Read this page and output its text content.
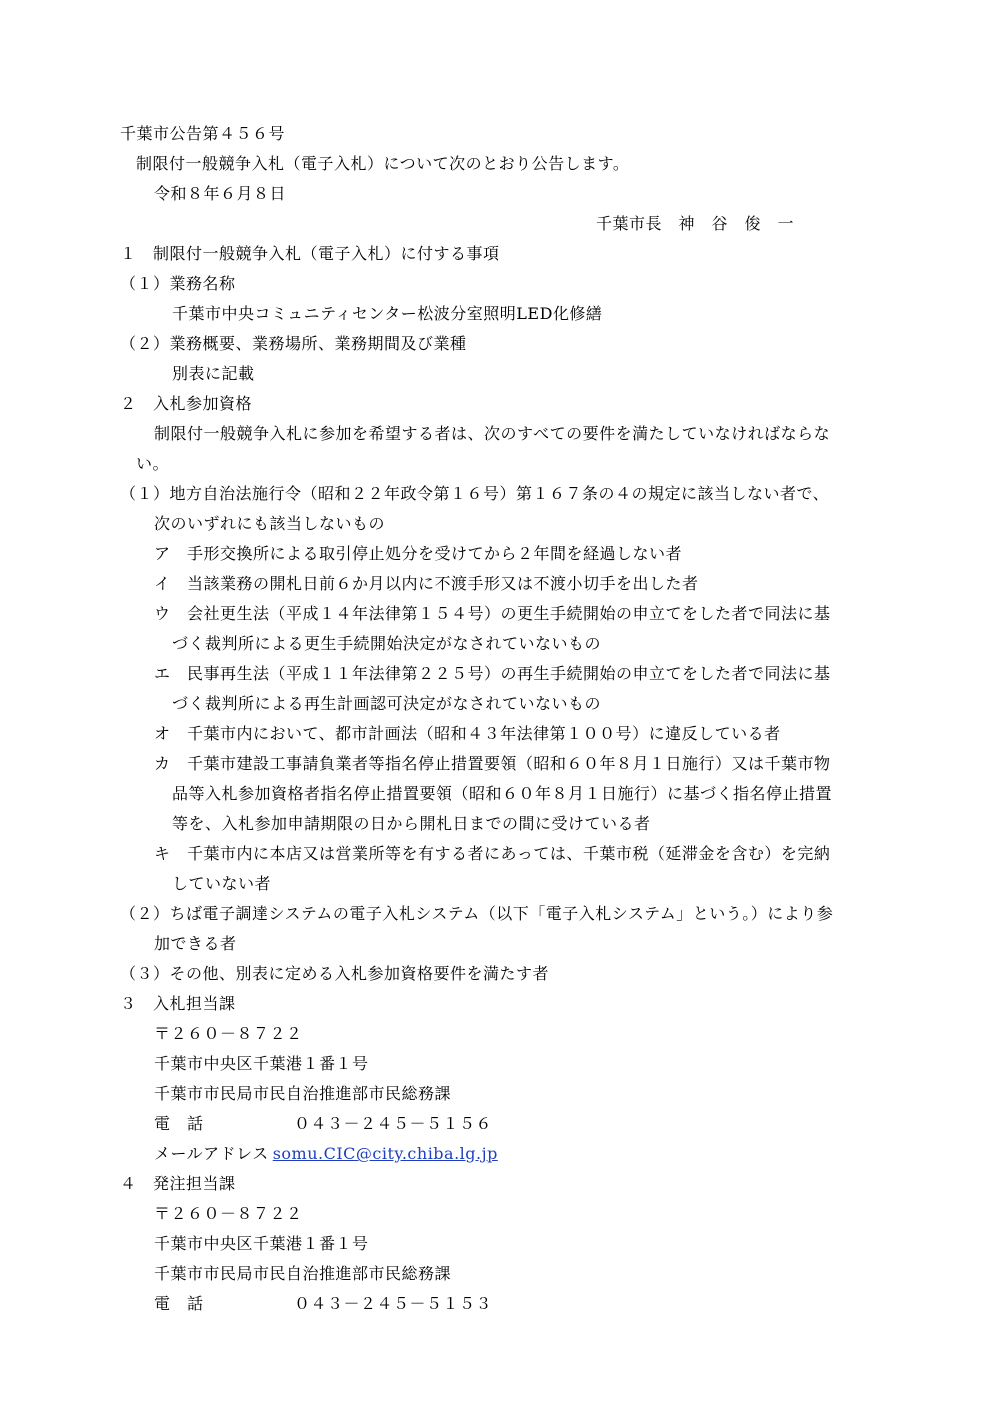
千葉市公告第４５６号

制限付一般競争入札（電子入札）について次のとおり公告します。

令和８年６月８日

千葉市長　神　谷　俊　一

１　制限付一般競争入札（電子入札）に付する事項

（１）業務名称

千葉市中央コミュニティセンター松波分室照明LED化修繕

（２）業務概要、業務場所、業務期間及び業種

別表に記載

２　入札参加資格

制限付一般競争入札に参加を希望する者は、次のすべての要件を満たしていなければならな

い。

（１）地方自治法施行令（昭和２２年政令第１６号）第１６７条の４の規定に該当しない者で、

次のいずれにも該当しないもの

ア　手形交換所による取引停止処分を受けてから２年間を経過しない者

イ　当該業務の開札日前６か月以内に不渡手形又は不渡小切手を出した者

ウ　会社更生法（平成１４年法律第１５４号）の更生手続開始の申立てをした者で同法に基

づく裁判所による更生手続開始決定がなされていないもの

エ　民事再生法（平成１１年法律第２２５号）の再生手続開始の申立てをした者で同法に基

づく裁判所による再生計画認可決定がなされていないもの

オ　千葉市内において、都市計画法（昭和４３年法律第１００号）に違反している者

カ　千葉市建設工事請負業者等指名停止措置要領（昭和６０年８月１日施行）又は千葉市物

品等入札参加資格者指名停止措置要領（昭和６０年８月１日施行）に基づく指名停止措置

等を、入札参加申請期限の日から開札日までの間に受けている者

キ　千葉市内に本店又は営業所等を有する者にあっては、千葉市税（延滞金を含む）を完納

していない者

（２）ちば電子調達システムの電子入札システム（以下「電子入札システム」という。）により参

加できる者

（３）その他、別表に定める入札参加資格要件を満たす者

３　入札担当課

〒２６０－８７２２

千葉市中央区千葉港１番１号

千葉市市民局市民自治推進部市民総務課

電　話	０４３－２４５－５１５６

メールアドレス somu.CIC@city.chiba.lg.jp

４　発注担当課

〒２６０－８７２２

千葉市中央区千葉港１番１号

千葉市市民局市民自治推進部市民総務課

電　話	０４３－２４５－５１５３
